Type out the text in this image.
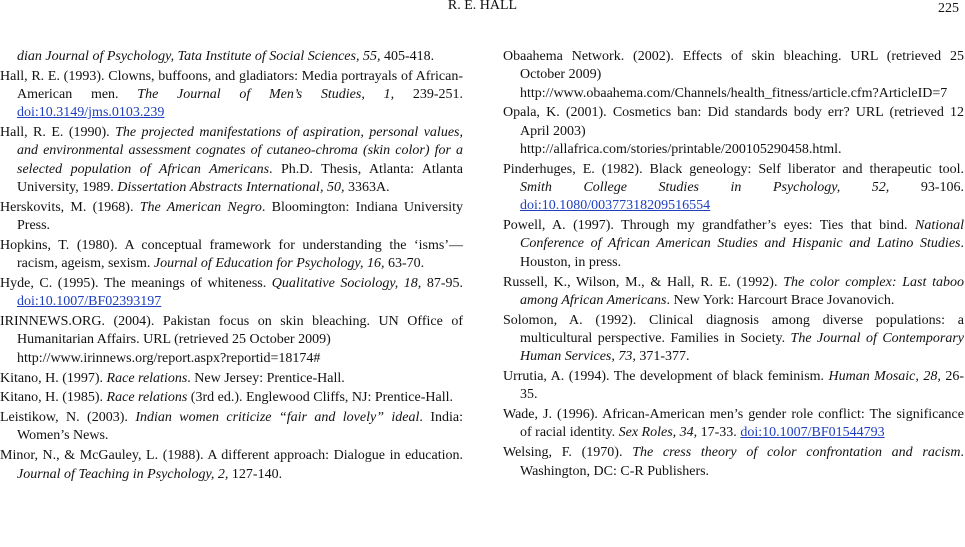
R. E. HALL	225

dian Journal of Psychology, Tata Institute of Social Sciences, 55, 405-418.

Hall, R. E. (1993). Clowns, buffoons, and gladiators: Media portrayals of African-American men. The Journal of Men’s Studies, 1, 239-251. doi:10.3149/jms.0103.239

Hall, R. E. (1990). The projected manifestations of aspiration, personal values, and environmental assessment cognates of cutaneo-chroma (skin color) for a selected population of African Americans. Ph.D. Thesis, Atlanta: Atlanta University, 1989. Dissertation Abstracts International, 50, 3363A.

Herskovits, M. (1968). The American Negro. Bloomington: Indiana University Press.

Hopkins, T. (1980). A conceptual framework for understanding the ‘isms’—racism, ageism, sexism. Journal of Education for Psychology, 16, 63-70.

Hyde, C. (1995). The meanings of whiteness. Qualitative Sociology, 18, 87-95. doi:10.1007/BF02393197

IRINNEWS.ORG. (2004). Pakistan focus on skin bleaching. UN Office of Humanitarian Affairs. URL (retrieved 25 October 2009)
http://www.irinnews.org/report.aspx?reportid=18174#

Kitano, H. (1997). Race relations. New Jersey: Prentice-Hall.

Kitano, H. (1985). Race relations (3rd ed.). Englewood Cliffs, NJ: Prentice-Hall.

Leistikow, N. (2003). Indian women criticize “fair and lovely” ideal. India: Women’s News.

Minor, N., & McGauley, L. (1988). A different approach: Dialogue in education. Journal of Teaching in Psychology, 2, 127-140.

Obaahema Network. (2002). Effects of skin bleaching. URL (retrieved 25 October 2009)
http://www.obaahema.com/Channels/health_fitness/article.cfm?ArticleID=7

Opala, K. (2001). Cosmetics ban: Did standards body err? URL (retrieved 12 April 2003)
http://allafrica.com/stories/printable/200105290458.html.

Pinderhuges, E. (1982). Black geneology: Self liberator and therapeutic tool. Smith College Studies in Psychology, 52, 93-106. doi:10.1080/00377318209516554

Powell, A. (1997). Through my grandfather’s eyes: Ties that bind. National Conference of African American Studies and Hispanic and Latino Studies. Houston, in press.

Russell, K., Wilson, M., & Hall, R. E. (1992). The color complex: Last taboo among African Americans. New York: Harcourt Brace Jovanovich.

Solomon, A. (1992). Clinical diagnosis among diverse populations: a multicultural perspective. Families in Society. The Journal of Contemporary Human Services, 73, 371-377.

Urrutia, A. (1994). The development of black feminism. Human Mosaic, 28, 26-35.

Wade, J. (1996). African-American men’s gender role conflict: The significance of racial identity. Sex Roles, 34, 17-33. doi:10.1007/BF01544793

Welsing, F. (1970). The cress theory of color confrontation and racism. Washington, DC: C-R Publishers.
